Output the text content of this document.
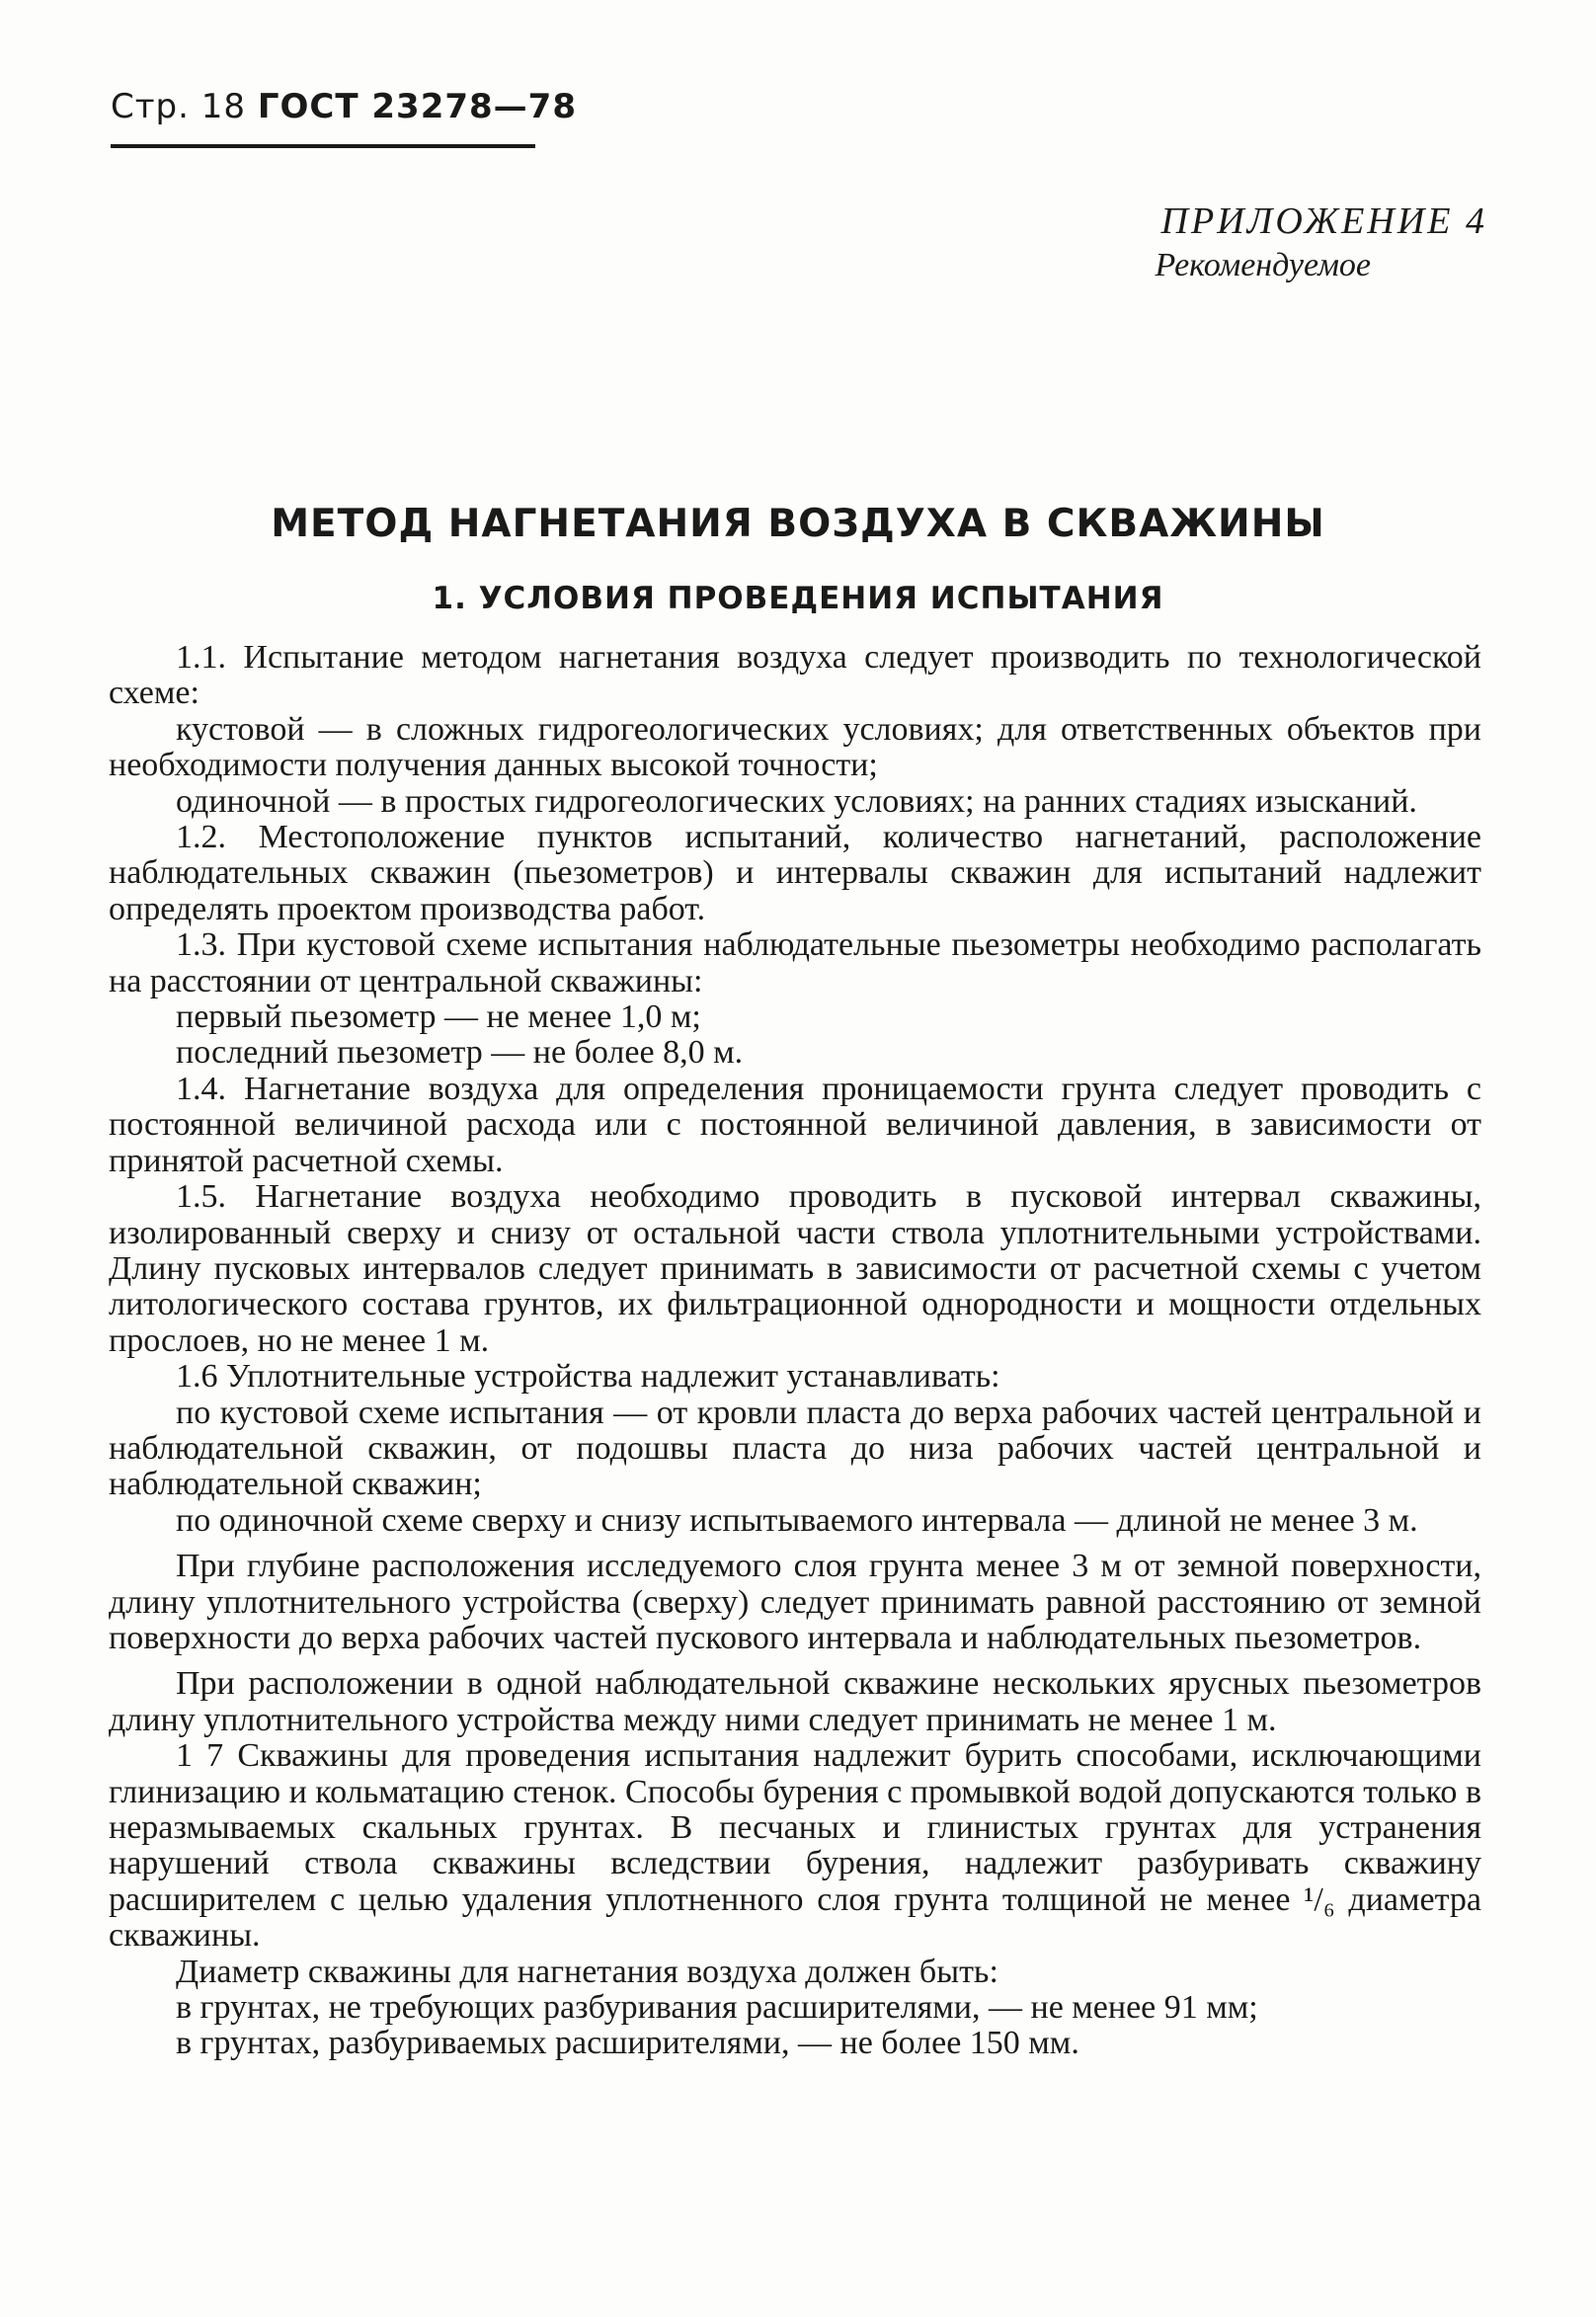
Стр. 18 ГОСТ 23278—78
ПРИЛОЖЕНИЕ 4
Рекомендуемое
МЕТОД НАГНЕТАНИЯ ВОЗДУХА В СКВАЖИНЫ
1. УСЛОВИЯ ПРОВЕДЕНИЯ ИСПЫТАНИЯ

1.1. Испытание методом нагнетания воздуха следует производить по технологической схеме:

кустовой — в сложных гидрогеологических условиях; для ответственных объектов при необходимости получения данных высокой точности;

одиночной — в простых гидрогеологических условиях; на ранних стадиях изысканий.

1.2. Местоположение пунктов испытаний, количество нагнетаний, расположение наблюдательных скважин (пьезометров) и интервалы скважин для испытаний надлежит определять проектом производства работ.

1.3. При кустовой схеме испытания наблюдательные пьезометры необходимо располагать на расстоянии от центральной скважины:

первый пьезометр — не менее 1,0 м;

последний пьезометр — не более 8,0 м.

1.4. Нагнетание воздуха для определения проницаемости грунта следует проводить с постоянной величиной расхода или с постоянной величиной давления, в зависимости от принятой расчетной схемы.

1.5. Нагнетание воздуха необходимо проводить в пусковой интервал скважины, изолированный сверху и снизу от остальной части ствола уплотнительными устройствами. Длину пусковых интервалов следует принимать в зависимости от расчетной схемы с учетом литологического состава грунтов, их фильтрационной однородности и мощности отдельных прослоев, но не менее 1 м.

1.6 Уплотнительные устройства надлежит устанавливать:

по кустовой схеме испытания — от кровли пласта до верха рабочих частей центральной и наблюдательной скважин, от подошвы пласта до низа рабочих частей центральной и наблюдательной скважин;

по одиночной схеме сверху и снизу испытываемого интервала — длиной не менее 3 м.

При глубине расположения исследуемого слоя грунта менее 3 м от земной поверхности, длину уплотнительного устройства (сверху) следует принимать равной расстоянию от земной поверхности до верха рабочих частей пускового интервала и наблюдательных пьезометров.

При расположении в одной наблюдательной скважине нескольких ярусных пьезометров длину уплотнительного устройства между ними следует принимать не менее 1 м.

1 7 Скважины для проведения испытания надлежит бурить способами, исключающими глинизацию и кольматацию стенок. Способы бурения с промывкой водой допускаются только в неразмываемых скальных грунтах. В песчаных и глинистых грунтах для устранения нарушений ствола скважины вследствии бурения, надлежит разбуривать скважину расширителем с целью удаления уплотненного слоя грунта толщиной не менее ¹/₆ диаметра скважины.

Диаметр скважины для нагнетания воздуха должен быть:

в грунтах, не требующих разбуривания расширителями, — не менее 91 мм;

в грунтах, разбуриваемых расширителями, — не более 150 мм.
